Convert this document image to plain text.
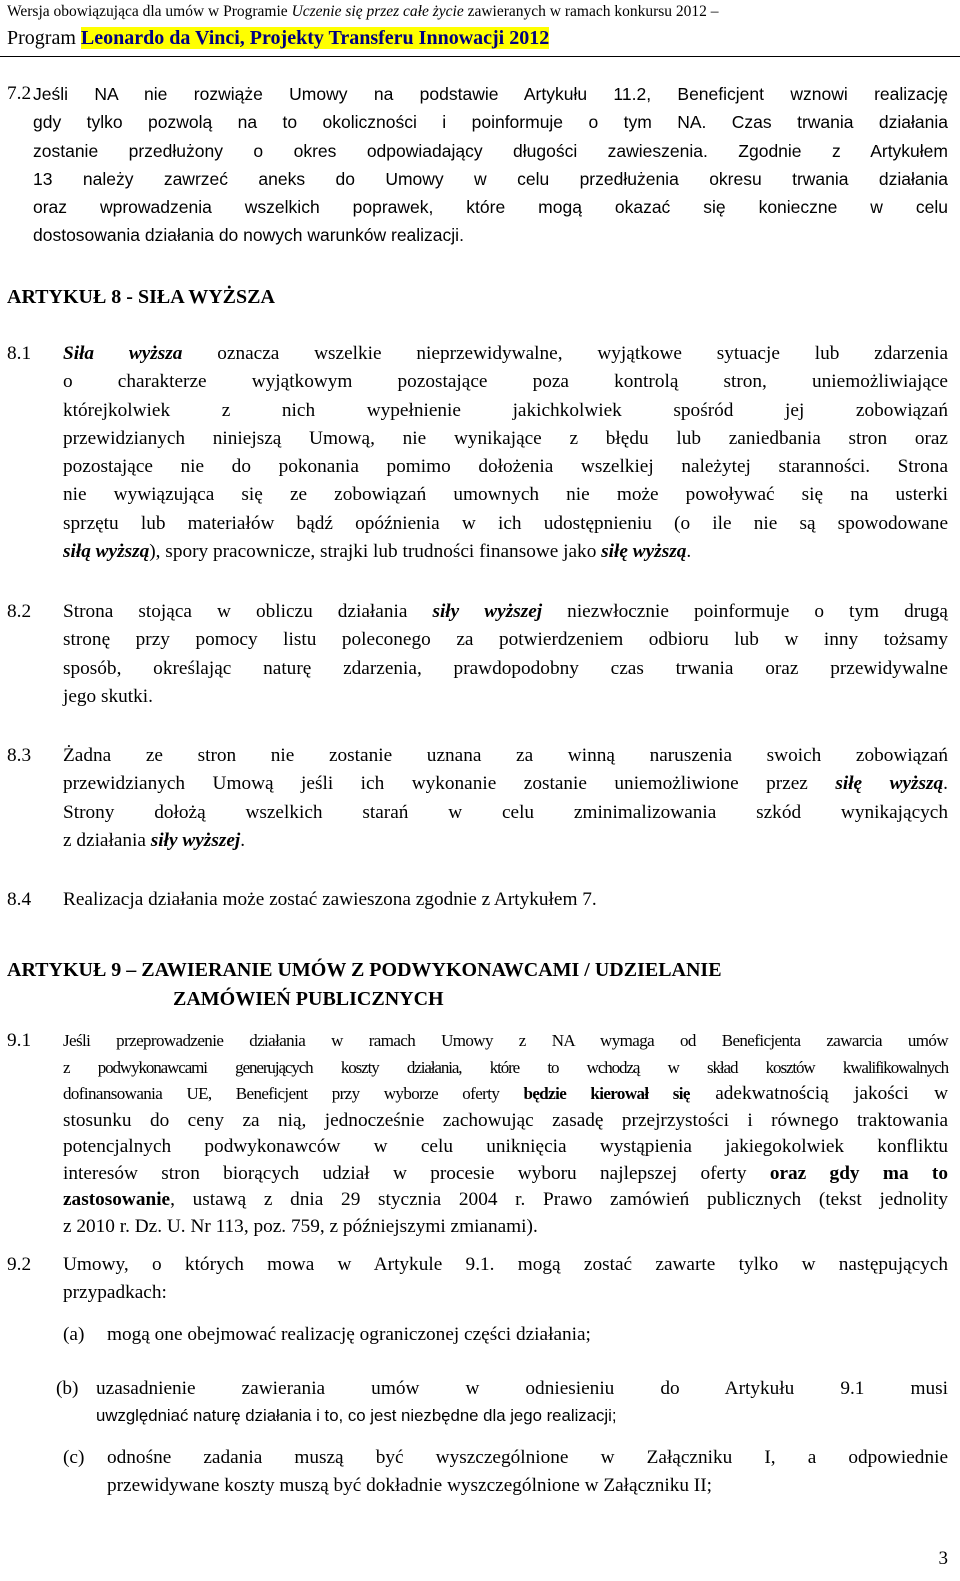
Wersja obowiązująca dla umów w Programie Uczenie się przez całe życie zawieranych w ramach konkursu 2012 –
Program Leonardo da Vinci, Projekty Transferu Innowacji 2012
7.2 Jeśli NA nie rozwiąże Umowy na podstawie Artykułu 11.2, Beneficjent wznowi realizację
gdy tylko pozwolą na to okoliczności i poinformuje o tym NA. Czas trwania działania
zostanie przedłużony o okres odpowiadający długości zawieszenia. Zgodnie z Artykułem
13 należy zawrzeć aneks do Umowy w celu przedłużenia okresu trwania działania
oraz wprowadzenia wszelkich poprawek, które mogą okazać się konieczne w celu
dostosowania działania do nowych warunków realizacji.
ARTYKUŁ 8 - SIŁA WYŻSZA
8.1	Siła wyższa oznacza wszelkie nieprzewidywalne, wyjątkowe sytuacje lub zdarzenia
o charakterze wyjątkowym pozostające poza kontrolą stron, uniemożliwiające
którejkolwiek z nich wypełnienie jakichkolwiek spośród jej zobowiązań
przewidzianych niniejszą Umową, nie wynikające z błędu lub zaniedbania stron oraz
pozostające nie do pokonania pomimo dołożenia wszelkiej należytej staranności. Strona
nie wywiązująca się ze zobowiązań umownych nie może powoływać się na usterki
sprzętu lub materiałów bądź opóźnienia w ich udostępnieniu (o ile nie są spowodowane
siłą wyższą), spory pracownicze, strajki lub trudności finansowe jako siłę wyższą.
8.2	Strona stojąca w obliczu działania siły wyższej niezwłocznie poinformuje o tym drugą
stronę przy pomocy listu poleconego za potwierdzeniem odbioru lub w inny tożsamy
sposób, określając naturę zdarzenia, prawdopodobny czas trwania oraz przewidywalne
jego skutki.
8.3	Żadna ze stron nie zostanie uznana za winną naruszenia swoich zobowiązań
przewidzianych Umową jeśli ich wykonanie zostanie uniemożliwione przez siłę wyższą.
Strony dołożą wszelkich starań w celu zminimalizowania szkód wynikających
z działania siły wyższej.
8.4	Realizacja działania może zostać zawieszona zgodnie z Artykułem 7.
ARTYKUŁ 9 – ZAWIERANIE UMÓW Z PODWYKONAWCAMI / UDZIELANIE
ZAMÓWIEŃ PUBLICZNYCH
9.1	Jeśli przeprowadzenie działania w ramach Umowy z NA wymaga od Beneficjenta zawarcia umów
z podwykonawcami generujących koszty działania, które to wchodzą w skład kosztów kwalifikowalnych
dofinansowania UE, Beneficjent przy wyborze oferty będzie kierował się adekwatnością jakości w
stosunku do ceny za nią, jednocześnie zachowując zasadę przejrzystości i równego traktowania
potencjalnych podwykonawców w celu uniknięcia wystąpienia jakiegokolwiek konfliktu
interesów stron biorących udział w procesie wyboru najlepszej oferty oraz gdy ma to
zastosowanie, ustawą z dnia 29 stycznia 2004 r. Prawo zamówień publicznych (tekst jednolity
z 2010 r. Dz. U. Nr 113, poz. 759, z późniejszymi zmianami).
9.2	Umowy, o których mowa w Artykule 9.1. mogą zostać zawarte tylko w następujących
przypadkach:
(a)	mogą one obejmować realizację ograniczonej części działania;
(b) uzasadnienie zawierania umów w odniesieniu do Artykułu 9.1 musi
uwzględniać naturę działania i to, co jest niezbędne dla jego realizacji;
(c)	odnośne zadania muszą być wyszczególnione w Załączniku I, a odpowiednie
przewidywane koszty muszą być dokładnie wyszczególnione w Załączniku II;
3
